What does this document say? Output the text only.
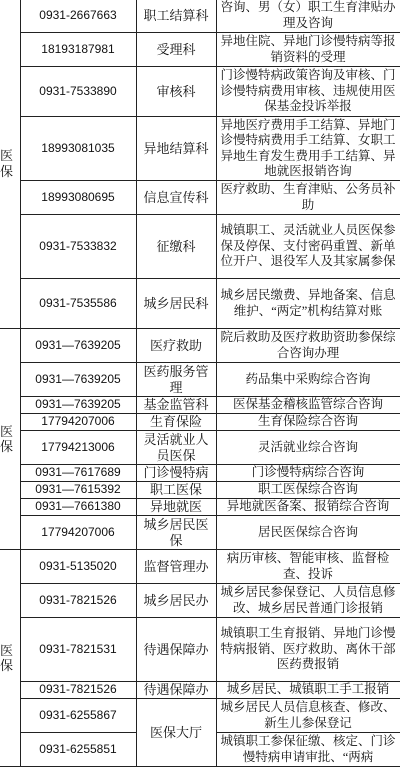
医保	0931-2667663	职工结算科	咨询、男（女）职工生育津贴办理及咨询
	18193187981	受理科	异地住院、异地门诊慢特病等报销资料的受理
	0931-7533890	审核科	门诊慢特病政策咨询及审核、门诊慢特病费用审核、违规使用医保基金投诉举报
	18993081035	异地结算科	异地医疗费用手工结算、异地门诊慢特病费用手工结算、女职工异地生育发生费用手工结算、异地就医报销咨询
	18993080695	信息宣传科	医疗救助、生育津贴、公务员补助
	0931-7533832	征缴科	城镇职工、灵活就业人员医保参保及停保、支付密码重置、新单位开户、退役军人及其家属参保
	0931-7535586	城乡居民科	城乡居民缴费、异地备案、信息维护、“两定”机构结算对账
医保	0931—7639205	医疗救助	院后救助及医疗救助资助参保综合咨询办理
	0931—7639205	医药服务管理	药品集中采购综合咨询
	0931—7639205	基金监管科	医保基金稽核监管综合咨询
	17794207006	生育保险	生育保险综合咨询
	17794213006	灵活就业人员医保	灵活就业综合咨询
	0931—7617689	门诊慢特病	门诊慢特病综合咨询
	0931—7615392	职工医保	职工医保综合咨询
	0931—7661380	异地就医	异地就医备案、报销综合咨询
	17794207006	城乡居民医保	居民医保综合咨询
医保	0931-5135020	监督管理办	病历审核、智能审核、监督检查、投诉
	0931-7821526	城乡居民办	城乡居民参保登记、人员信息修改、城乡居民普通门诊报销
	0931-7821531	待遇保障办	城镇职工生育报销、异地门诊慢特病报销、医疗救助、离休干部医药费报销
	0931-7821526	待遇保障办	城乡居民、城镇职工手工报销
	0931-6255867	医保大厅	城乡居民人员信息核查、修改、新生儿参保登记
	0931-6255851		城镇职工参保征缴、核定、门诊慢特病申请审批、“两病
